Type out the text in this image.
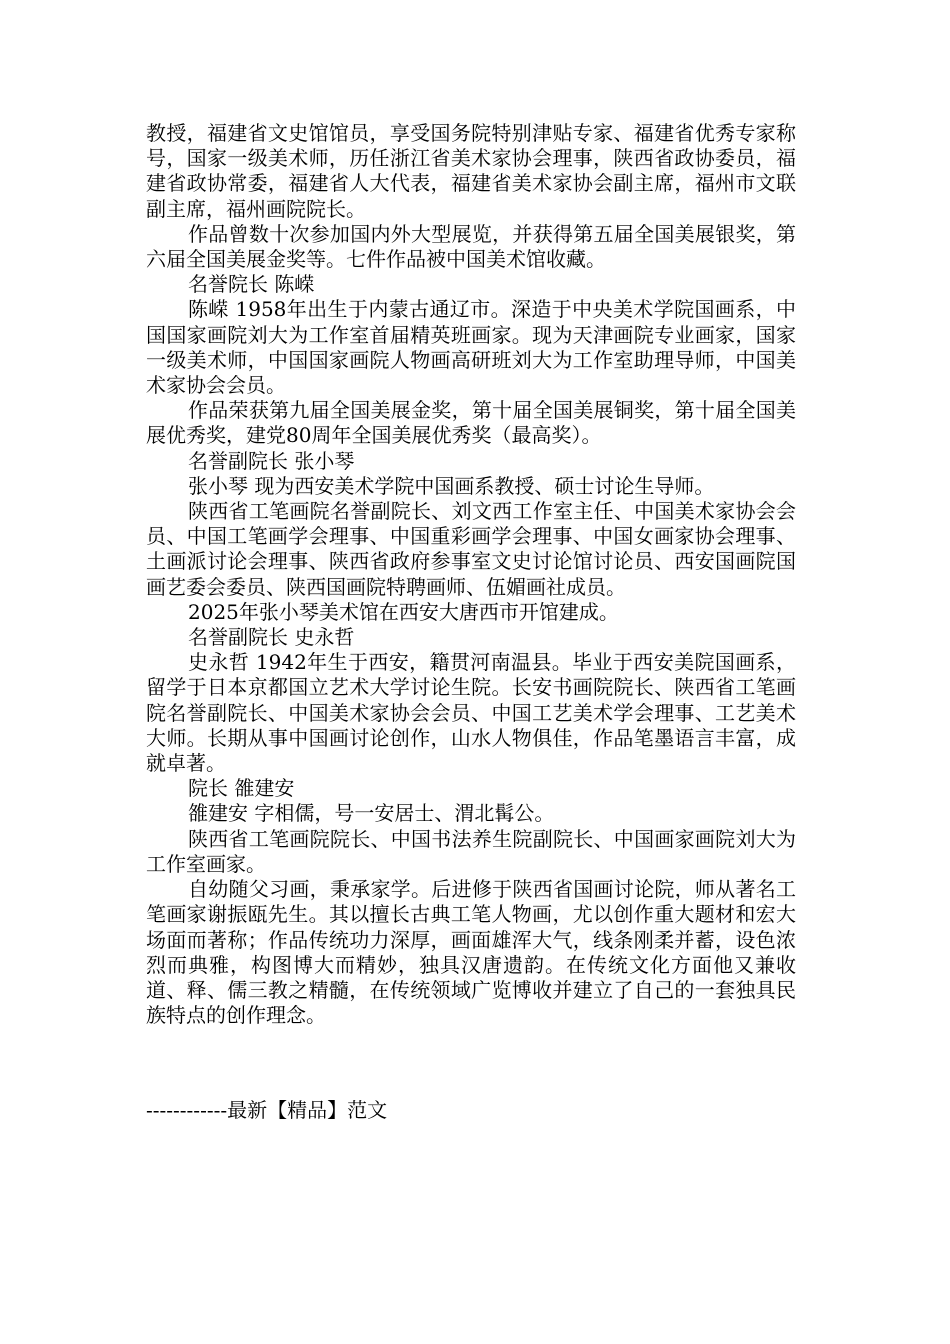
教授，福建省文史馆馆员，享受国务院特别津贴专家、福建省优秀专家称号，国家一级美术师，历任浙江省美术家协会理事，陕西省政协委员，福建省政协常委，福建省人大代表，福建省美术家协会副主席，福州市文联副主席，福州画院院长。

作品曾数十次参加国内外大型展览，并获得第五届全国美展银奖，第六届全国美展金奖等。七件作品被中国美术馆收藏。

名誉院长 陈嵘

陈嵘 1958年出生于内蒙古通辽市。深造于中央美术学院国画系，中国国家画院刘大为工作室首届精英班画家。现为天津画院专业画家，国家一级美术师，中国国家画院人物画高研班刘大为工作室助理导师，中国美术家协会会员。

作品荣获第九届全国美展金奖，第十届全国美展铜奖，第十届全国美展优秀奖，建党80周年全国美展优秀奖（最高奖）。

名誉副院长 张小琴

张小琴 现为西安美术学院中国画系教授、硕士讨论生导师。

陕西省工笔画院名誉副院长、刘文西工作室主任、中国美术家协会会员、中国工笔画学会理事、中国重彩画学会理事、中国女画家协会理事、土画派讨论会理事、陕西省政府参事室文史讨论馆讨论员、西安国画院国画艺委会委员、陕西国画院特聘画师、伍媚画社成员。

2025年张小琴美术馆在西安大唐西市开馆建成。

名誉副院长 史永哲

史永哲 1942年生于西安，籍贯河南温县。毕业于西安美院国画系，留学于日本京都国立艺术大学讨论生院。长安书画院院长、陕西省工笔画院名誉副院长、中国美术家协会会员、中国工艺美术学会理事、工艺美术大师。长期从事中国画讨论创作，山水人物俱佳，作品笔墨语言丰富，成就卓著。

院长 雒建安

雒建安 字相儒，号一安居士、渭北髯公。

陕西省工笔画院院长、中国书法养生院副院长、中国画家画院刘大为工作室画家。

自幼随父习画，秉承家学。后进修于陕西省国画讨论院，师从著名工笔画家谢振瓯先生。其以擅长古典工笔人物画，尤以创作重大题材和宏大场面而著称；作品传统功力深厚，画面雄浑大气，线条刚柔并蓄，设色浓烈而典雅，构图博大而精妙，独具汉唐遗韵。在传统文化方面他又兼收道、释、儒三教之精髓，在传统领域广览博收并建立了自己的一套独具民族特点的创作理念。

------------最新【精品】范文
